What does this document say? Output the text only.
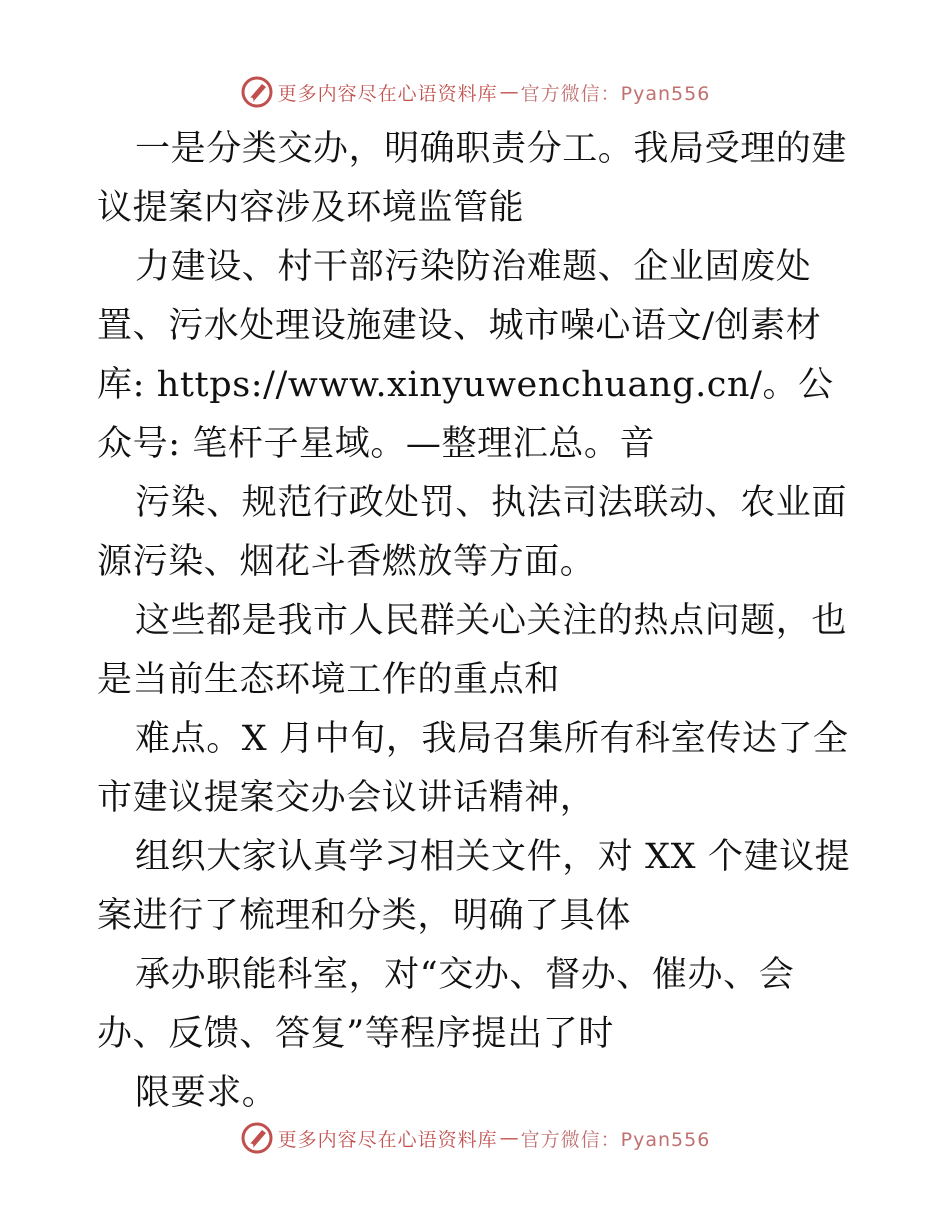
更多内容尽在心语资料库 — 官方微信：Pyan556

一是分类交办，明确职责分工。我局受理的建议提案内容涉及环境监管能

力建设、村干部污染防治难题、企业固废处置、污水处理设施建设、城市噪心语文/创素材库: https://www.xinyuwenchuang.cn/。公众号: 笔杆子星域。—整理汇总。音

污染、规范行政处罚、执法司法联动、农业面源污染、烟花斗香燃放等方面。

这些都是我市人民群关心关注的热点问题，也是当前生态环境工作的重点和

难点。X 月中旬，我局召集所有科室传达了全市建议提案交办会议讲话精神，

组织大家认真学习相关文件，对 XX 个建议提案进行了梳理和分类，明确了具体

承办职能科室，对“交办、督办、催办、会办、反馈、答复”等程序提出了时

限要求。

更多内容尽在心语资料库 — 官方微信：Pyan556
